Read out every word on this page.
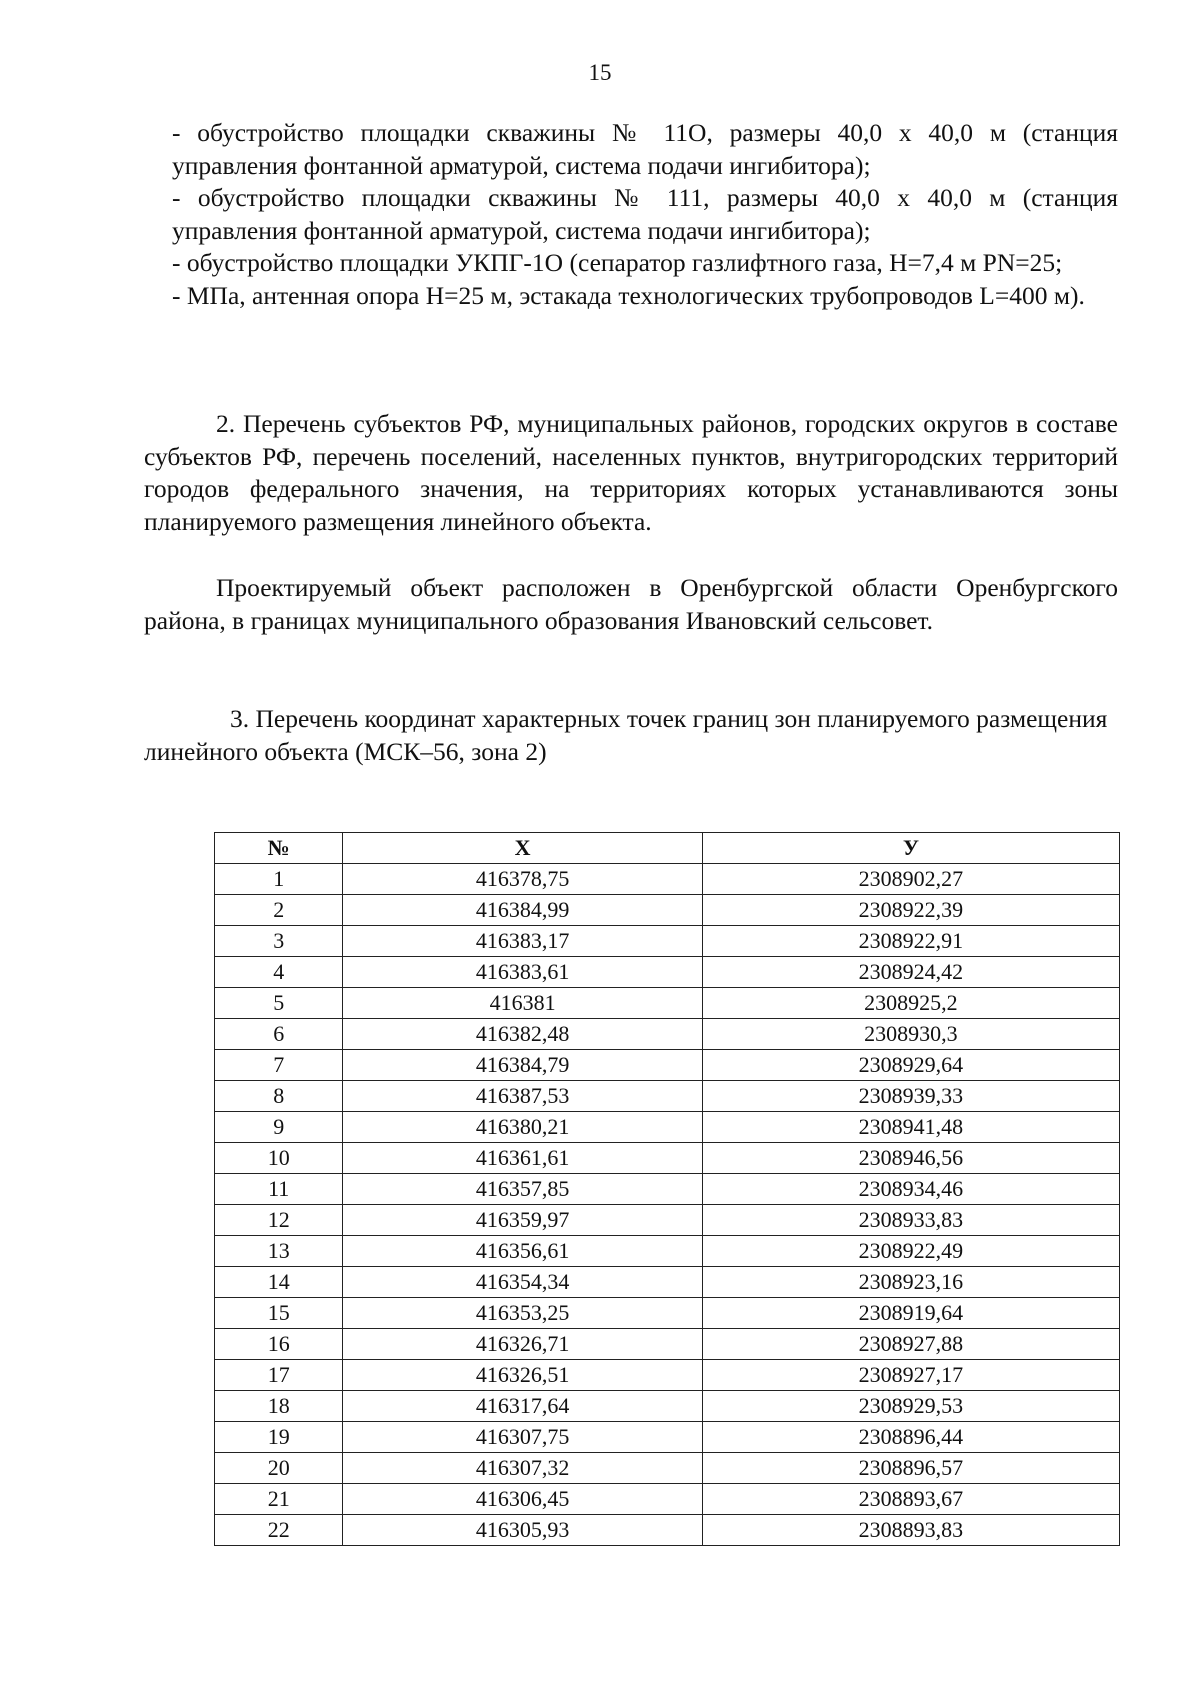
15

- обустройство площадки скважины № 11О, размеры 40,0 х 40,0 м (станция управления фонтанной арматурой, система подачи ингибитора);

- обустройство площадки скважины № 111, размеры 40,0 х 40,0 м (станция управления фонтанной арматурой, система подачи ингибитора);

- обустройство площадки УКПГ-1О (сепаратор газлифтного газа, Н=7,4 м PN=25;

- МПа, антенная опора Н=25 м, эстакада технологических трубопроводов L=400 м).

2. Перечень субъектов РФ, муниципальных районов, городских округов в составе субъектов РФ, перечень поселений, населенных пунктов, внутригородских территорий городов федерального значения, на территориях которых устанавливаются зоны планируемого размещения линейного объекта.

Проектируемый объект расположен в Оренбургской области Оренбургского района, в границах муниципального образования Ивановский сельсовет.

3. Перечень координат характерных точек границ зон планируемого размещения линейного объекта (МСК–56, зона 2)

№	Х	У
1	416378,75	2308902,27
2	416384,99	2308922,39
3	416383,17	2308922,91
4	416383,61	2308924,42
5	416381	2308925,2
6	416382,48	2308930,3
7	416384,79	2308929,64
8	416387,53	2308939,33
9	416380,21	2308941,48
10	416361,61	2308946,56
11	416357,85	2308934,46
12	416359,97	2308933,83
13	416356,61	2308922,49
14	416354,34	2308923,16
15	416353,25	2308919,64
16	416326,71	2308927,88
17	416326,51	2308927,17
18	416317,64	2308929,53
19	416307,75	2308896,44
20	416307,32	2308896,57
21	416306,45	2308893,67
22	416305,93	2308893,83
